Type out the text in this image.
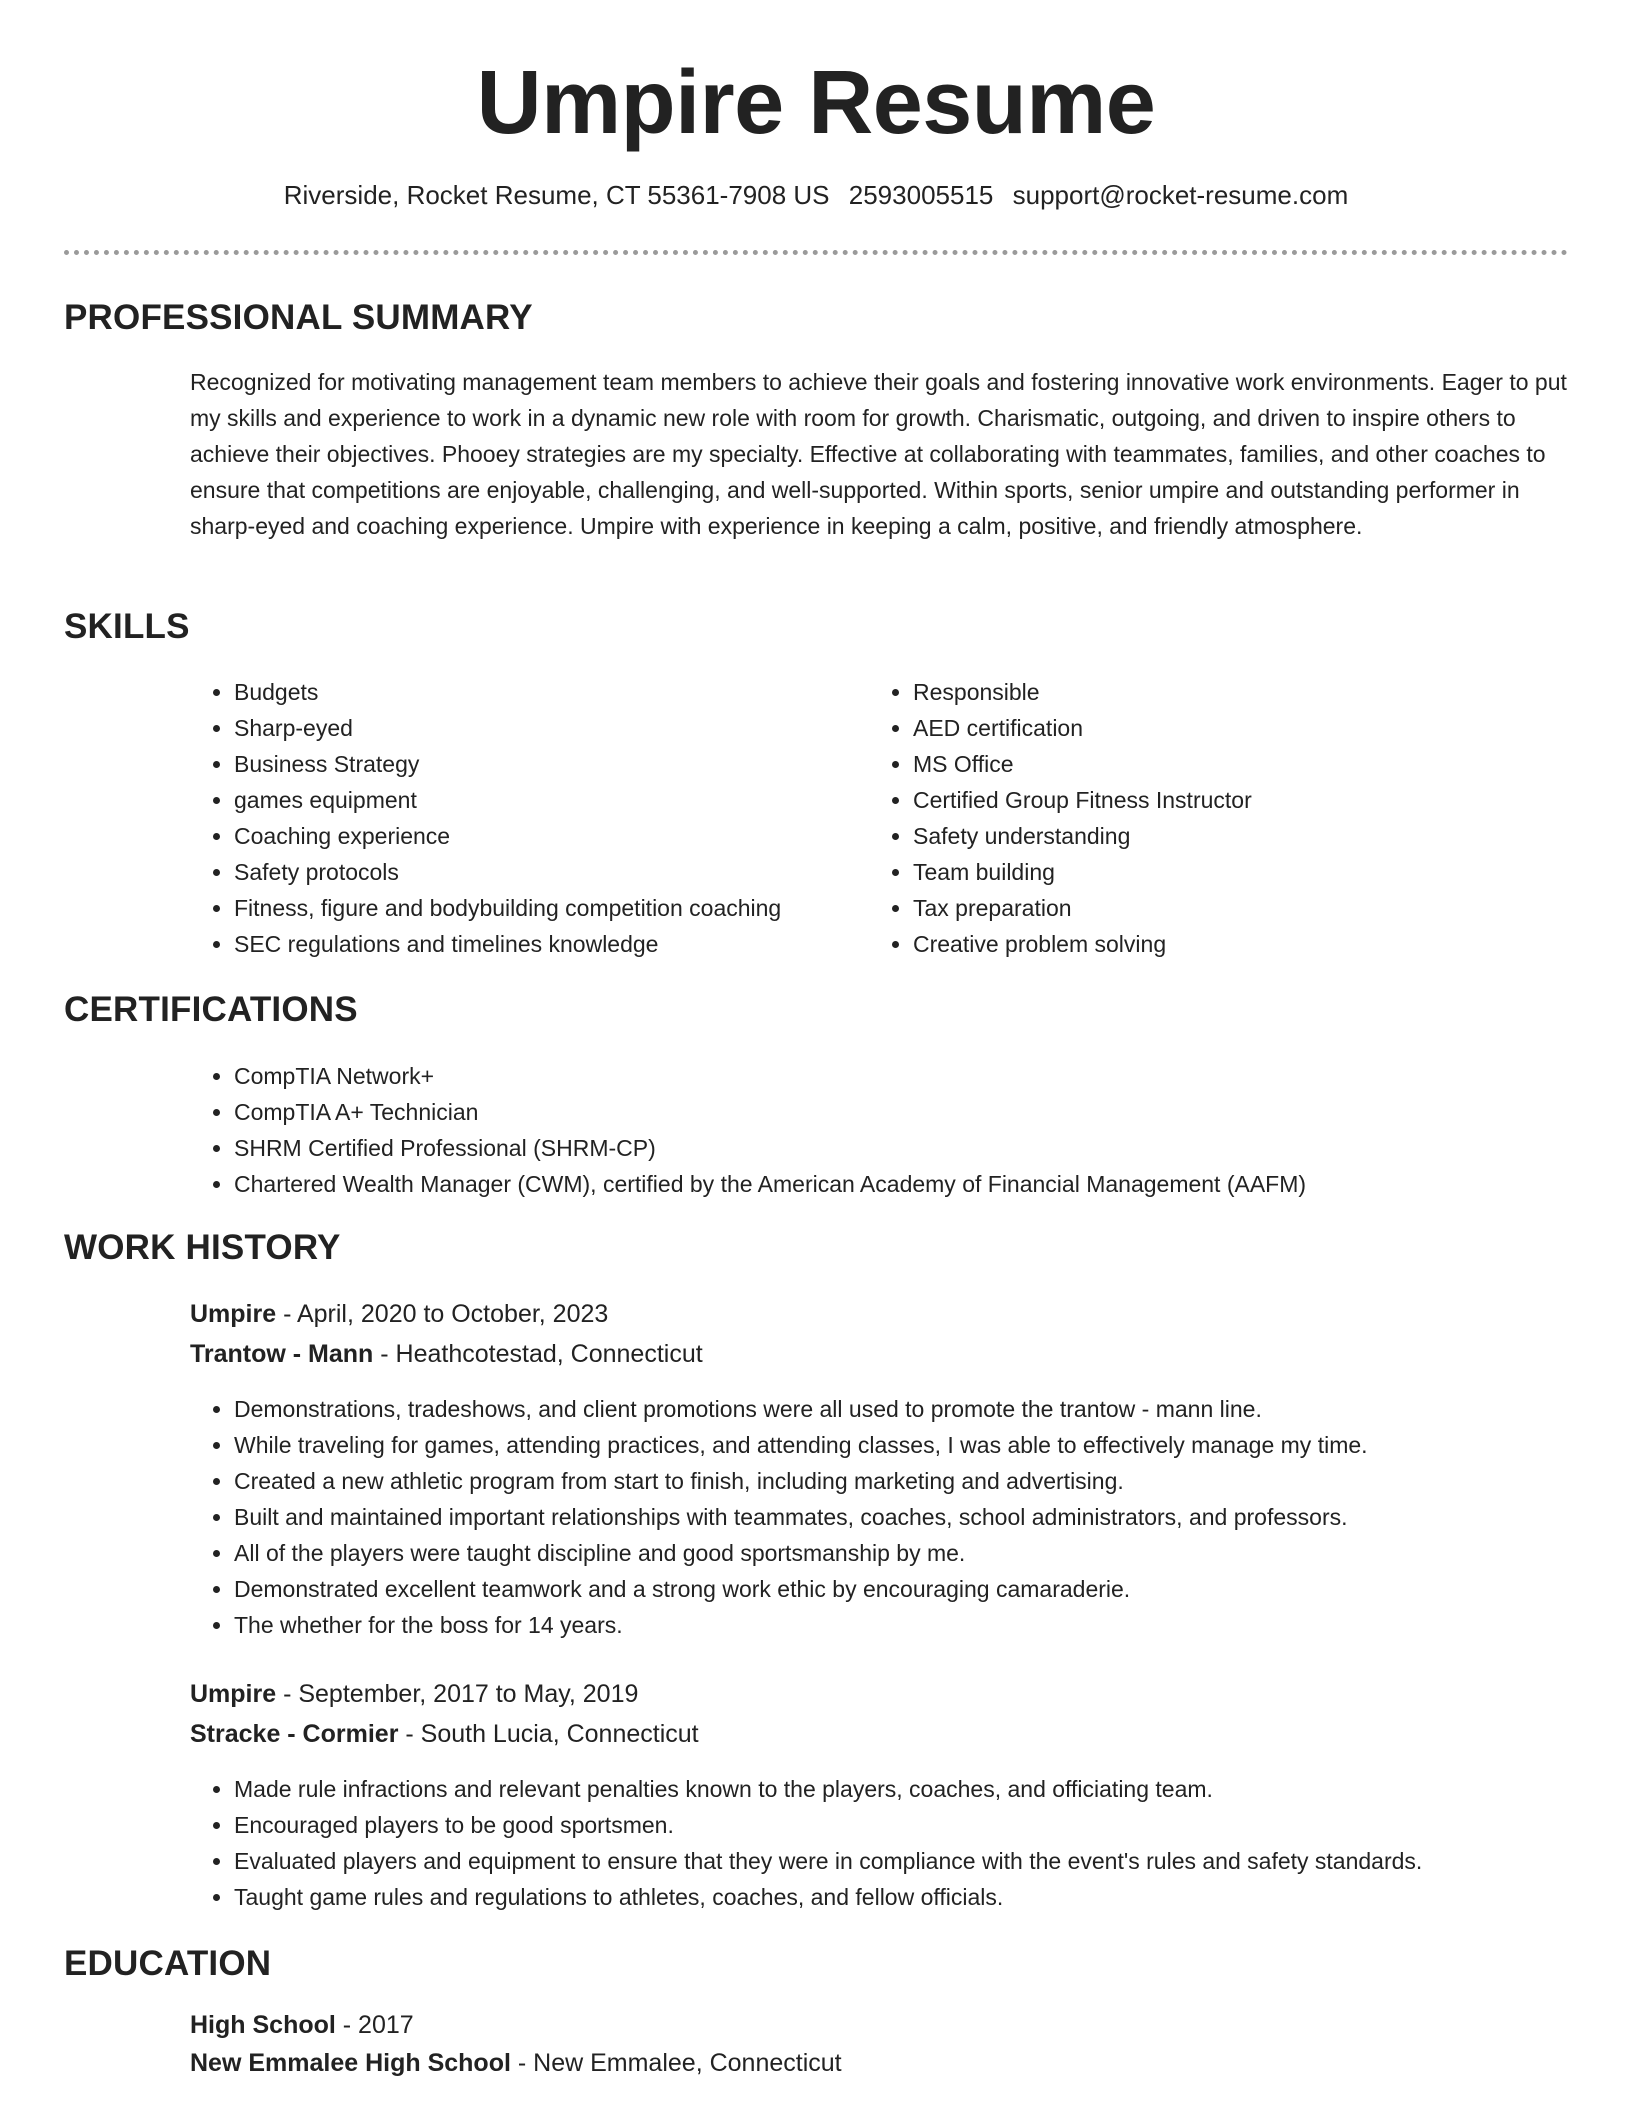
Umpire Resume
Riverside, Rocket Resume, CT 55361-7908 US 2593005515 support@rocket-resume.com
PROFESSIONAL SUMMARY

Recognized for motivating management team members to achieve their goals and fostering innovative work environments. Eager to put my skills and experience to work in a dynamic new role with room for growth. Charismatic, outgoing, and driven to inspire others to achieve their objectives. Phooey strategies are my specialty. Effective at collaborating with teammates, families, and other coaches to ensure that competitions are enjoyable, challenging, and well-supported. Within sports, senior umpire and outstanding performer in sharp-eyed and coaching experience. Umpire with experience in keeping a calm, positive, and friendly atmosphere.

SKILLS
• Budgets
• Sharp-eyed
• Business Strategy
• games equipment
• Coaching experience
• Safety protocols
• Fitness, figure and bodybuilding competition coaching
• SEC regulations and timelines knowledge
• Responsible
• AED certification
• MS Office
• Certified Group Fitness Instructor
• Safety understanding
• Team building
• Tax preparation
• Creative problem solving
CERTIFICATIONS
• CompTIA Network+
• CompTIA A+ Technician
• SHRM Certified Professional (SHRM-CP)
• Chartered Wealth Manager (CWM), certified by the American Academy of Financial Management (AAFM)
WORK HISTORY
Umpire - April, 2020 to October, 2023
Trantow - Mann - Heathcotestad, Connecticut
• Demonstrations, tradeshows, and client promotions were all used to promote the trantow - mann line.
• While traveling for games, attending practices, and attending classes, I was able to effectively manage my time.
• Created a new athletic program from start to finish, including marketing and advertising.
• Built and maintained important relationships with teammates, coaches, school administrators, and professors.
• All of the players were taught discipline and good sportsmanship by me.
• Demonstrated excellent teamwork and a strong work ethic by encouraging camaraderie.
• The whether for the boss for 14 years.
Umpire - September, 2017 to May, 2019
Stracke - Cormier - South Lucia, Connecticut
• Made rule infractions and relevant penalties known to the players, coaches, and officiating team.
• Encouraged players to be good sportsmen.
• Evaluated players and equipment to ensure that they were in compliance with the event's rules and safety standards.
• Taught game rules and regulations to athletes, coaches, and fellow officials.
EDUCATION
High School - 2017
New Emmalee High School - New Emmalee, Connecticut
